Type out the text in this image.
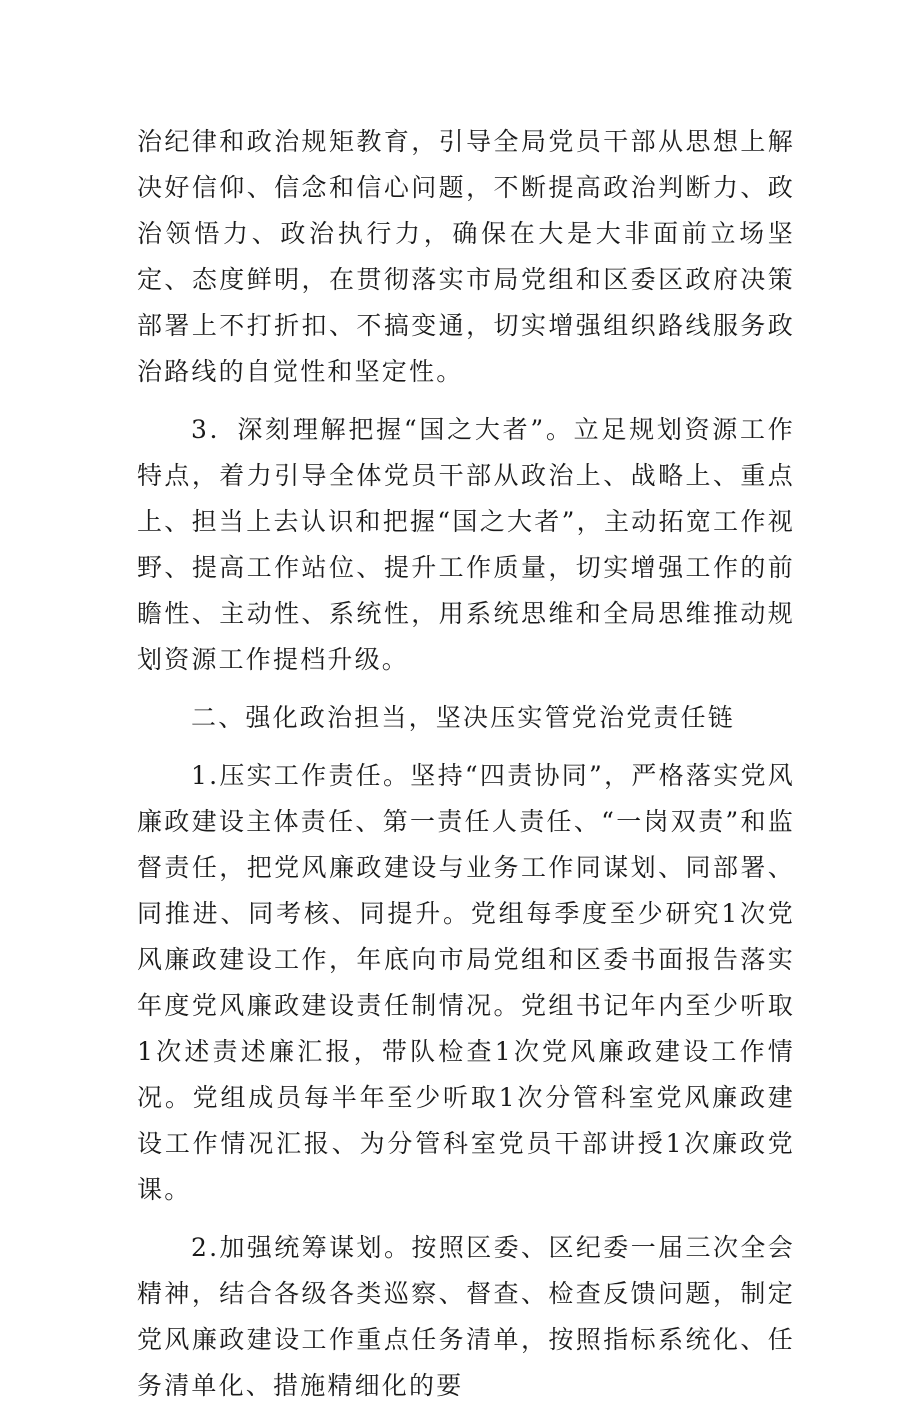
治纪律和政治规矩教育，引导全局党员干部从思想上解决好信仰、信念和信心问题，不断提高政治判断力、政治领悟力、政治执行力，确保在大是大非面前立场坚定、态度鲜明，在贯彻落实市局党组和区委区政府决策部署上不打折扣、不搞变通，切实增强组织路线服务政治路线的自觉性和坚定性。

3．深刻理解把握“国之大者”。立足规划资源工作特点，着力引导全体党员干部从政治上、战略上、重点上、担当上去认识和把握“国之大者”，主动拓宽工作视野、提高工作站位、提升工作质量，切实增强工作的前瞻性、主动性、系统性，用系统思维和全局思维推动规划资源工作提档升级。

二、强化政治担当，坚决压实管党治党责任链

1.压实工作责任。坚持“四责协同”，严格落实党风廉政建设主体责任、第一责任人责任、“一岗双责”和监督责任，把党风廉政建设与业务工作同谋划、同部署、同推进、同考核、同提升。党组每季度至少研究1次党风廉政建设工作，年底向市局党组和区委书面报告落实年度党风廉政建设责任制情况。党组书记年内至少听取1次述责述廉汇报，带队检查1次党风廉政建设工作情况。党组成员每半年至少听取1次分管科室党风廉政建设工作情况汇报、为分管科室党员干部讲授1次廉政党课。

2.加强统筹谋划。按照区委、区纪委一届三次全会精神，结合各级各类巡察、督查、检查反馈问题，制定党风廉政建设工作重点任务清单，按照指标系统化、任务清单化、措施精细化的要
